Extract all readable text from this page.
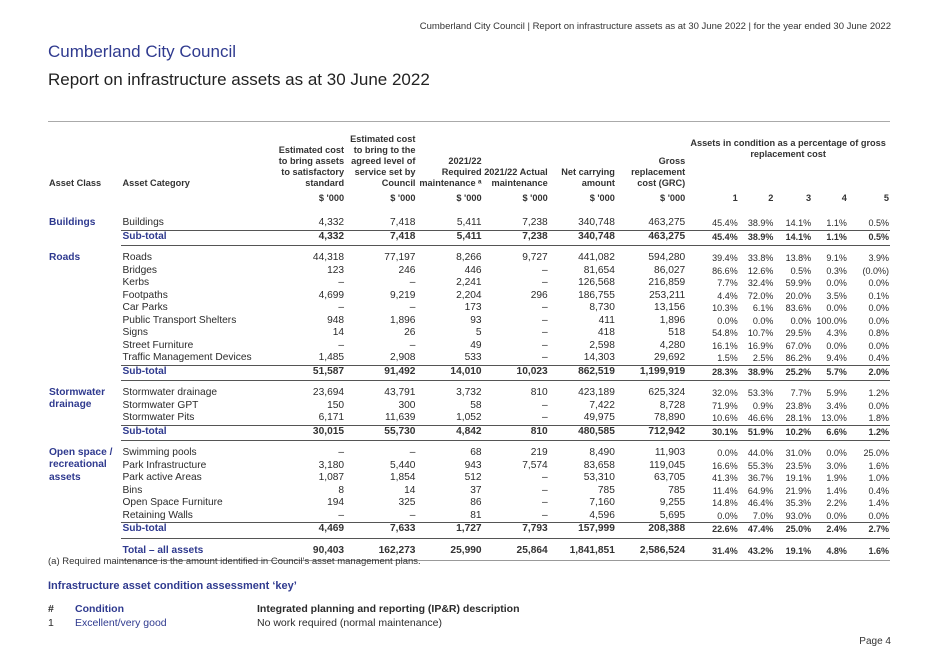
Cumberland City Council | Report on infrastructure assets as at 30 June 2022 | for the year ended 30 June 2022
Cumberland City Council
Report on infrastructure assets as at 30 June 2022
Asset Class	Asset Category	Estimated cost to bring assets to satisfactory standard	Estimated cost to bring to the agreed level of service set by Council	2021/22 Required maintenance ᵃ	2021/22 Actual maintenance	Net carrying amount	Gross replacement cost (GRC)	Assets in condition as a percentage of gross replacement cost				
		$ '000	$ '000	$ '000	$ '000	$ '000	$ '000	1	2	3	4	5
Buildings	Buildings	4,332	7,418	5,411	7,238	340,748	463,275	45.4%	38.9%	14.1%	1.1%	0.5%
	Sub-total	4,332	7,418	5,411	7,238	340,748	463,275	45.4%	38.9%	14.1%	1.1%	0.5%
Roads	Roads	44,318	77,197	8,266	9,727	441,082	594,280	39.4%	33.8%	13.8%	9.1%	3.9%
	Bridges	123	246	446	–	81,654	86,027	86.6%	12.6%	0.5%	0.3%	(0.0%)
	Kerbs	–	–	2,241	–	126,568	216,859	7.7%	32.4%	59.9%	0.0%	0.0%
	Footpaths	4,699	9,219	2,204	296	186,755	253,211	4.4%	72.0%	20.0%	3.5%	0.1%
	Car Parks	–	–	173	–	8,730	13,156	10.3%	6.1%	83.6%	0.0%	0.0%
	Public Transport Shelters	948	1,896	93	–	411	1,896	0.0%	0.0%	0.0%	100.0%	0.0%
	Signs	14	26	5	–	418	518	54.8%	10.7%	29.5%	4.3%	0.8%
	Street Furniture	–	–	49	–	2,598	4,280	16.1%	16.9%	67.0%	0.0%	0.0%
	Traffic Management Devices	1,485	2,908	533	–	14,303	29,692	1.5%	2.5%	86.2%	9.4%	0.4%
	Sub-total	51,587	91,492	14,010	10,023	862,519	1,199,919	28.3%	38.9%	25.2%	5.7%	2.0%
Stormwater drainage	Stormwater drainage	23,694	43,791	3,732	810	423,189	625,324	32.0%	53.3%	7.7%	5.9%	1.2%
	Stormwater GPT	150	300	58	–	7,422	8,728	71.9%	0.9%	23.8%	3.4%	0.0%
	Stormwater Pits	6,171	11,639	1,052	–	49,975	78,890	10.6%	46.6%	28.1%	13.0%	1.8%
	Sub-total	30,015	55,730	4,842	810	480,585	712,942	30.1%	51.9%	10.2%	6.6%	1.2%
Open space / recreational assets	Swimming pools	–	–	68	219	8,490	11,903	0.0%	44.0%	31.0%	0.0%	25.0%
	Park Infrastructure	3,180	5,440	943	7,574	83,658	119,045	16.6%	55.3%	23.5%	3.0%	1.6%
	Park active Areas	1,087	1,854	512	–	53,310	63,705	41.3%	36.7%	19.1%	1.9%	1.0%
	Bins	8	14	37	–	785	785	11.4%	64.9%	21.9%	1.4%	0.4%
	Open Space Furniture	194	325	86	–	7,160	9,255	14.8%	46.4%	35.3%	2.2%	1.4%
	Retaining Walls	–	–	81	–	4,596	5,695	0.0%	7.0%	93.0%	0.0%	0.0%
	Sub-total	4,469	7,633	1,727	7,793	157,999	208,388	22.6%	47.4%	25.0%	2.4%	2.7%
	Total – all assets	90,403	162,273	25,990	25,864	1,841,851	2,586,524	31.4%	43.2%	19.1%	4.8%	1.6%
(a) Required maintenance is the amount identified in Council’s asset management plans.
Infrastructure asset condition assessment ‘key’
# Condition	Integrated planning and reporting (IP&R) description
1 Excellent/very good	No work required (normal maintenance)
Page 4
